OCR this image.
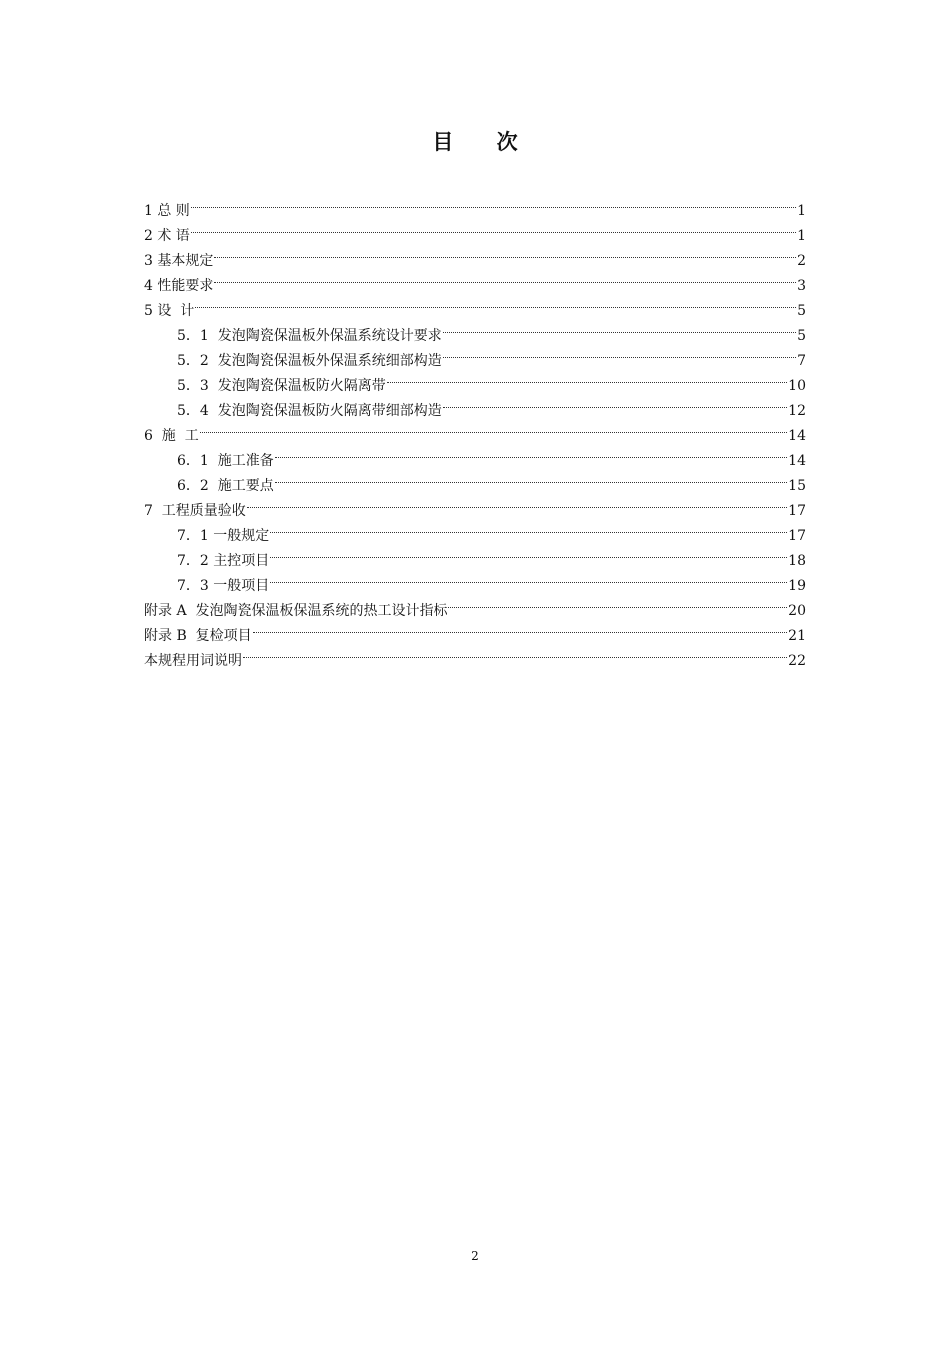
目 次
1 总 则	1
2 术 语	1
3 基本规定	2
4 性能要求	3
5 设  计	5
5．1  发泡陶瓷保温板外保温系统设计要求	5
5．2  发泡陶瓷保温板外保温系统细部构造	7
5．3  发泡陶瓷保温板防火隔离带	10
5．4  发泡陶瓷保温板防火隔离带细部构造	12
6  施  工	14
6．1  施工准备	14
6．2  施工要点	15
7  工程质量验收	17
7．1 一般规定	17
7．2 主控项目	18
7．3 一般项目	19
附录 A  发泡陶瓷保温板保温系统的热工设计指标	20
附录 B  复检项目	21
本规程用词说明	22
2
